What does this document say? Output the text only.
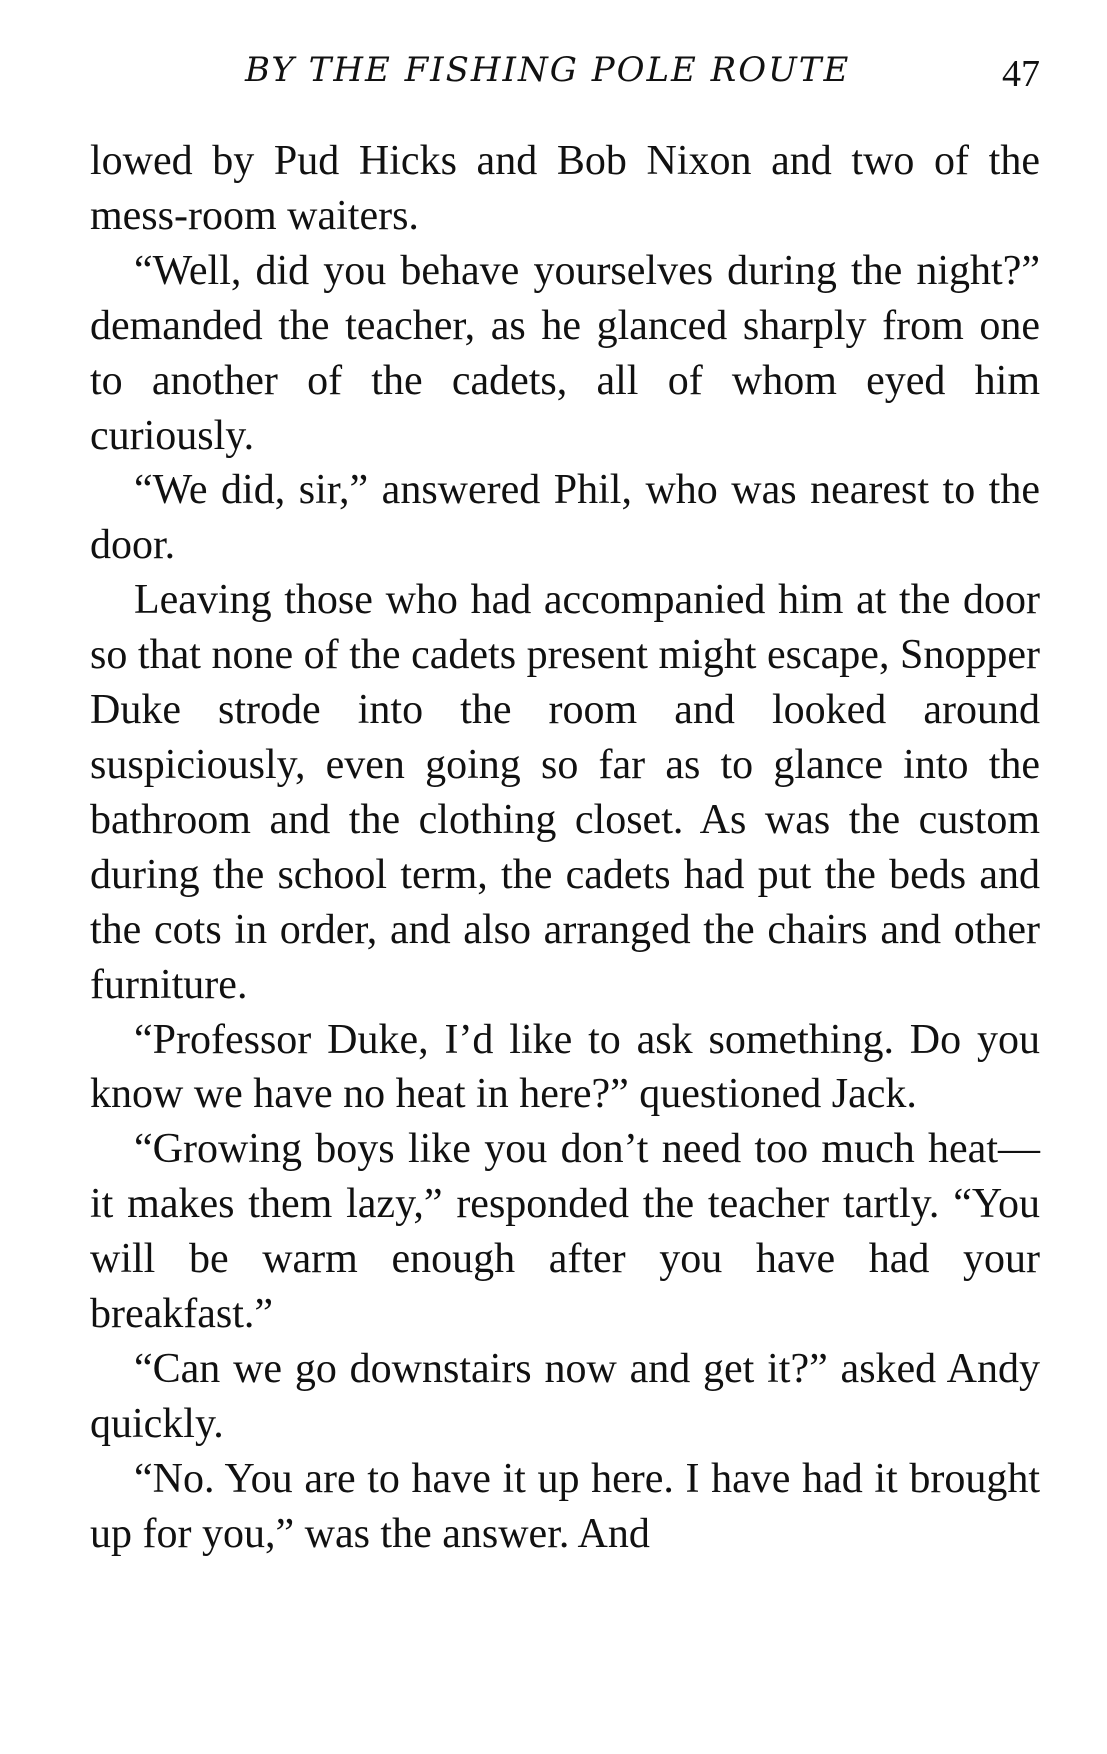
BY THE FISHING POLE ROUTE	47

lowed by Pud Hicks and Bob Nixon and two of the mess-room waiters.

“Well, did you behave yourselves during the night?” demanded the teacher, as he glanced sharply from one to another of the cadets, all of whom eyed him curiously.

“We did, sir,” answered Phil, who was nearest to the door.

Leaving those who had accompanied him at the door so that none of the cadets present might escape, Snopper Duke strode into the room and looked around suspiciously, even going so far as to glance into the bathroom and the clothing closet. As was the custom during the school term, the cadets had put the beds and the cots in order, and also arranged the chairs and other furniture.

“Professor Duke, I’d like to ask something. Do you know we have no heat in here?” questioned Jack.

“Growing boys like you don’t need too much heat—it makes them lazy,” responded the teacher tartly. “You will be warm enough after you have had your breakfast.”

“Can we go downstairs now and get it?” asked Andy quickly.

“No. You are to have it up here. I have had it brought up for you,” was the answer. And
